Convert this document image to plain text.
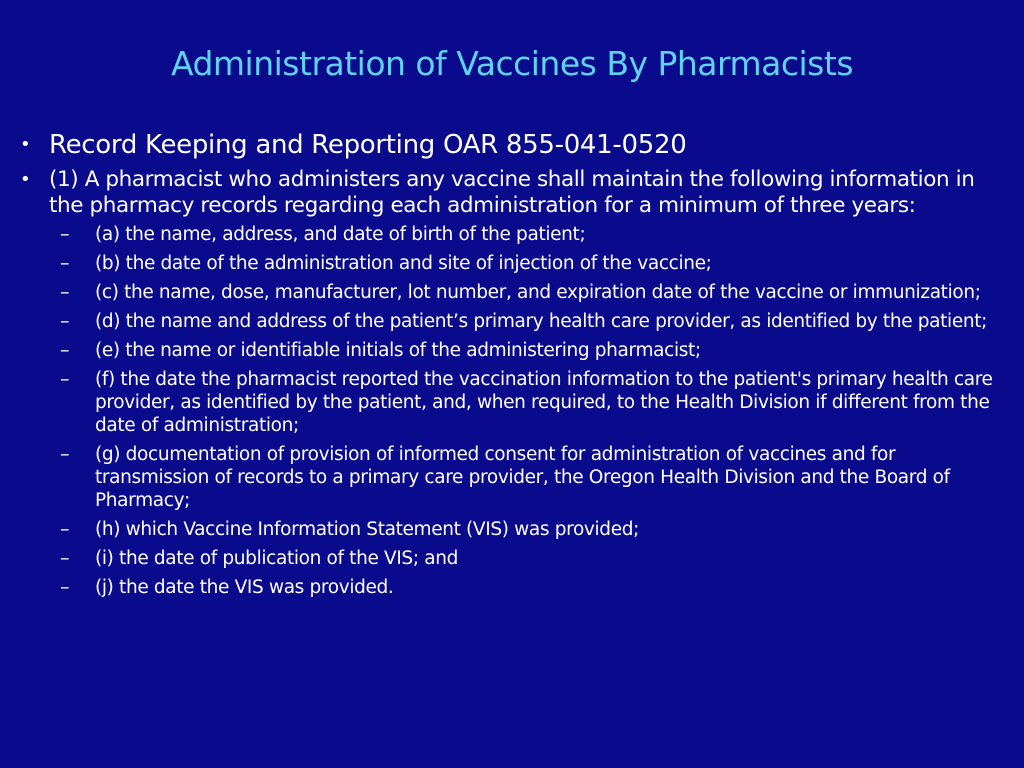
Administration of Vaccines By Pharmacists
• Record Keeping and Reporting OAR 855-041-0520
• (1) A pharmacist who administers any vaccine shall maintain the following information in the pharmacy records regarding each administration for a minimum of three years:
–	(a) the name, address, and date of birth of the patient;
–	(b) the date of the administration and site of injection of the vaccine;
–	(c) the name, dose, manufacturer, lot number, and expiration date of the vaccine or immunization;
–	(d) the name and address of the patient’s primary health care provider, as identified by the patient;
–	(e) the name or identifiable initials of the administering pharmacist;
–	(f) the date the pharmacist reported the vaccination information to the patient's primary health care provider, as identified by the patient, and, when required, to the Health Division if different from the date of administration;
–	(g) documentation of provision of informed consent for administration of vaccines and for transmission of records to a primary care provider, the Oregon Health Division and the Board of Pharmacy;
–	(h) which Vaccine Information Statement (VIS) was provided;
–	(i) the date of publication of the VIS; and
–	(j) the date the VIS was provided.
